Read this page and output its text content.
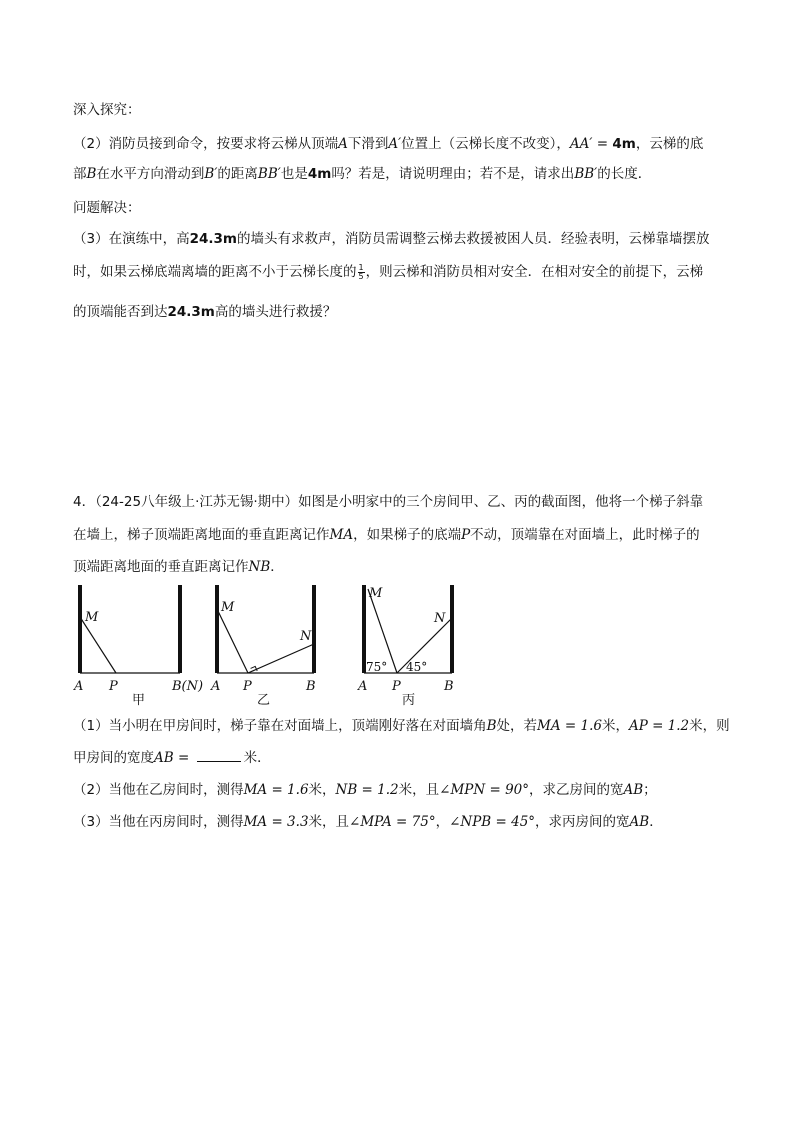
深入探究：
（2）消防员接到命令，按要求将云梯从顶端A下滑到A′位置上（云梯长度不改变），AA′ = 4m，云梯的底
部B在水平方向滑动到B′的距离BB′也是4m吗？若是，请说明理由；若不是，请求出BB′的长度．
问题解决：
（3）在演练中，高24.3m的墙头有求救声，消防员需调整云梯去救援被困人员．经验表明，云梯靠墙摆放
时，如果云梯底端离墙的距离不小于云梯长度的 $\frac{1}{5}$ ，则云梯和消防员相对安全．在相对安全的前提下，云梯
的顶端能否到达24.3m高的墙头进行救援？
4．（24-25八年级上·江苏无锡·期中）如图是小明家中的三个房间甲、乙、丙的截面图，他将一个梯子斜靠
在墙上，梯子顶端距离地面的垂直距离记作MA，如果梯子的底端P不动，顶端靠在对面墙上，此时梯子的
顶端距离地面的垂直距离记作NB．
M
A P	B(N)
甲
M
N
A P	B
乙
M
N
75° 45°
A P	B
丙
（1）当小明在甲房间时，梯子靠在对面墙上，顶端刚好落在对面墙角B处，若MA = 1.6米，AP = 1.2米，则
甲房间的宽度AB =	米．
（2）当他在乙房间时，测得MA = 1.6米，NB = 1.2米，且∠MPN = 90°，求乙房间的宽AB；
（3）当他在丙房间时，测得MA = 3.3米，且∠MPA = 75°，∠NPB = 45°，求丙房间的宽AB．
